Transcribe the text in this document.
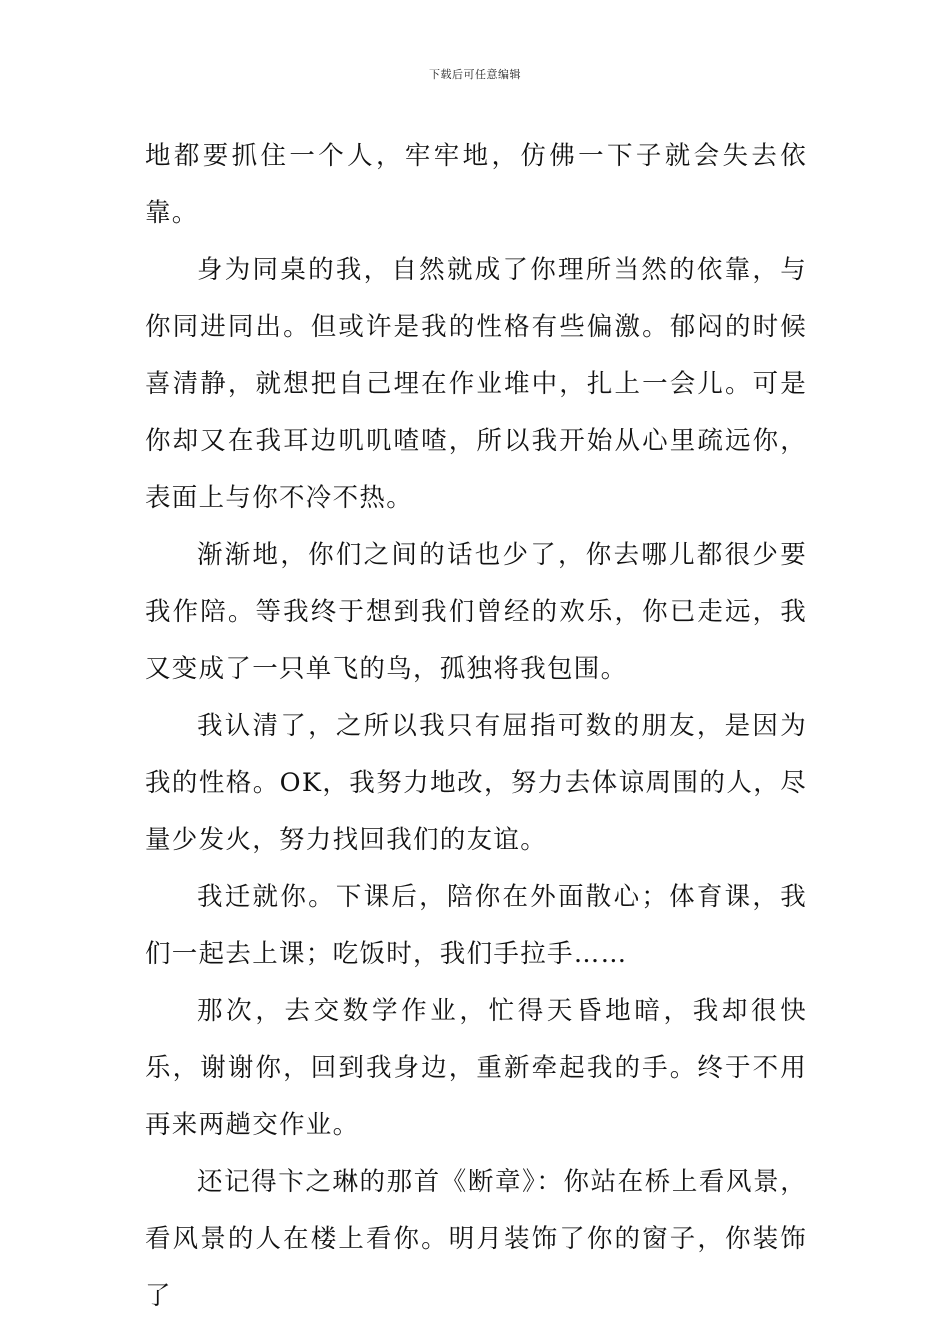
下载后可任意编辑

地都要抓住一个人，牢牢地，仿佛一下子就会失去依靠。

身为同桌的我，自然就成了你理所当然的依靠，与你同进同出。但或许是我的性格有些偏激。郁闷的时候喜清静，就想把自己埋在作业堆中，扎上一会儿。可是你却又在我耳边叽叽喳喳，所以我开始从心里疏远你，表面上与你不冷不热。

渐渐地，你们之间的话也少了，你去哪儿都很少要我作陪。等我终于想到我们曾经的欢乐，你已走远，我又变成了一只单飞的鸟，孤独将我包围。

我认清了，之所以我只有屈指可数的朋友，是因为我的性格。OK，我努力地改，努力去体谅周围的人，尽量少发火，努力找回我们的友谊。

我迁就你。下课后，陪你在外面散心；体育课，我们一起去上课；吃饭时，我们手拉手……

那次，去交数学作业，忙得天昏地暗，我却很快乐，谢谢你，回到我身边，重新牵起我的手。终于不用再来两趟交作业。

还记得卞之琳的那首《断章》：你站在桥上看风景，看风景的人在楼上看你。明月装饰了你的窗子，你装饰了
